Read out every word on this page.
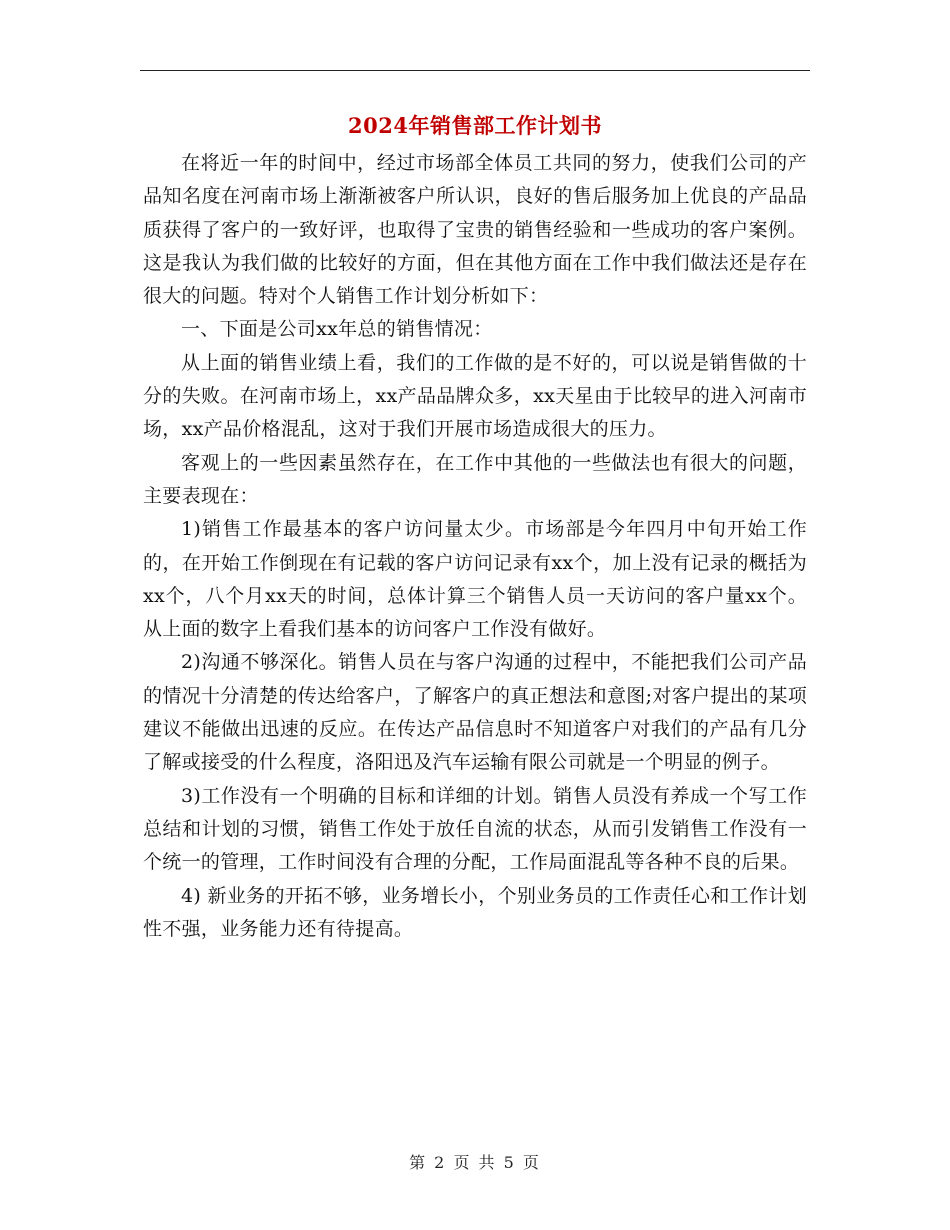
2024年销售部工作计划书

在将近一年的时间中，经过市场部全体员工共同的努力，使我们公司的产品知名度在河南市场上渐渐被客户所认识，良好的售后服务加上优良的产品品质获得了客户的一致好评，也取得了宝贵的销售经验和一些成功的客户案例。这是我认为我们做的比较好的方面，但在其他方面在工作中我们做法还是存在很大的问题。特对个人销售工作计划分析如下：

一、下面是公司xx年总的销售情况：

从上面的销售业绩上看，我们的工作做的是不好的，可以说是销售做的十分的失败。在河南市场上，xx产品品牌众多，xx天星由于比较早的进入河南市场，xx产品价格混乱，这对于我们开展市场造成很大的压力。

客观上的一些因素虽然存在，在工作中其他的一些做法也有很大的问题，主要表现在：

1)销售工作最基本的客户访问量太少。市场部是今年四月中旬开始工作的，在开始工作倒现在有记载的客户访问记录有xx个，加上没有记录的概括为xx个，八个月xx天的时间，总体计算三个销售人员一天访问的客户量xx个。从上面的数字上看我们基本的访问客户工作没有做好。

2)沟通不够深化。销售人员在与客户沟通的过程中，不能把我们公司产品的情况十分清楚的传达给客户，了解客户的真正想法和意图;对客户提出的某项建议不能做出迅速的反应。在传达产品信息时不知道客户对我们的产品有几分了解或接受的什么程度，洛阳迅及汽车运输有限公司就是一个明显的例子。

3)工作没有一个明确的目标和详细的计划。销售人员没有养成一个写工作总结和计划的习惯，销售工作处于放任自流的状态，从而引发销售工作没有一个统一的管理，工作时间没有合理的分配，工作局面混乱等各种不良的后果。

4) 新业务的开拓不够，业务增长小，个别业务员的工作责任心和工作计划性不强，业务能力还有待提高。

第 2 页 共 5 页
